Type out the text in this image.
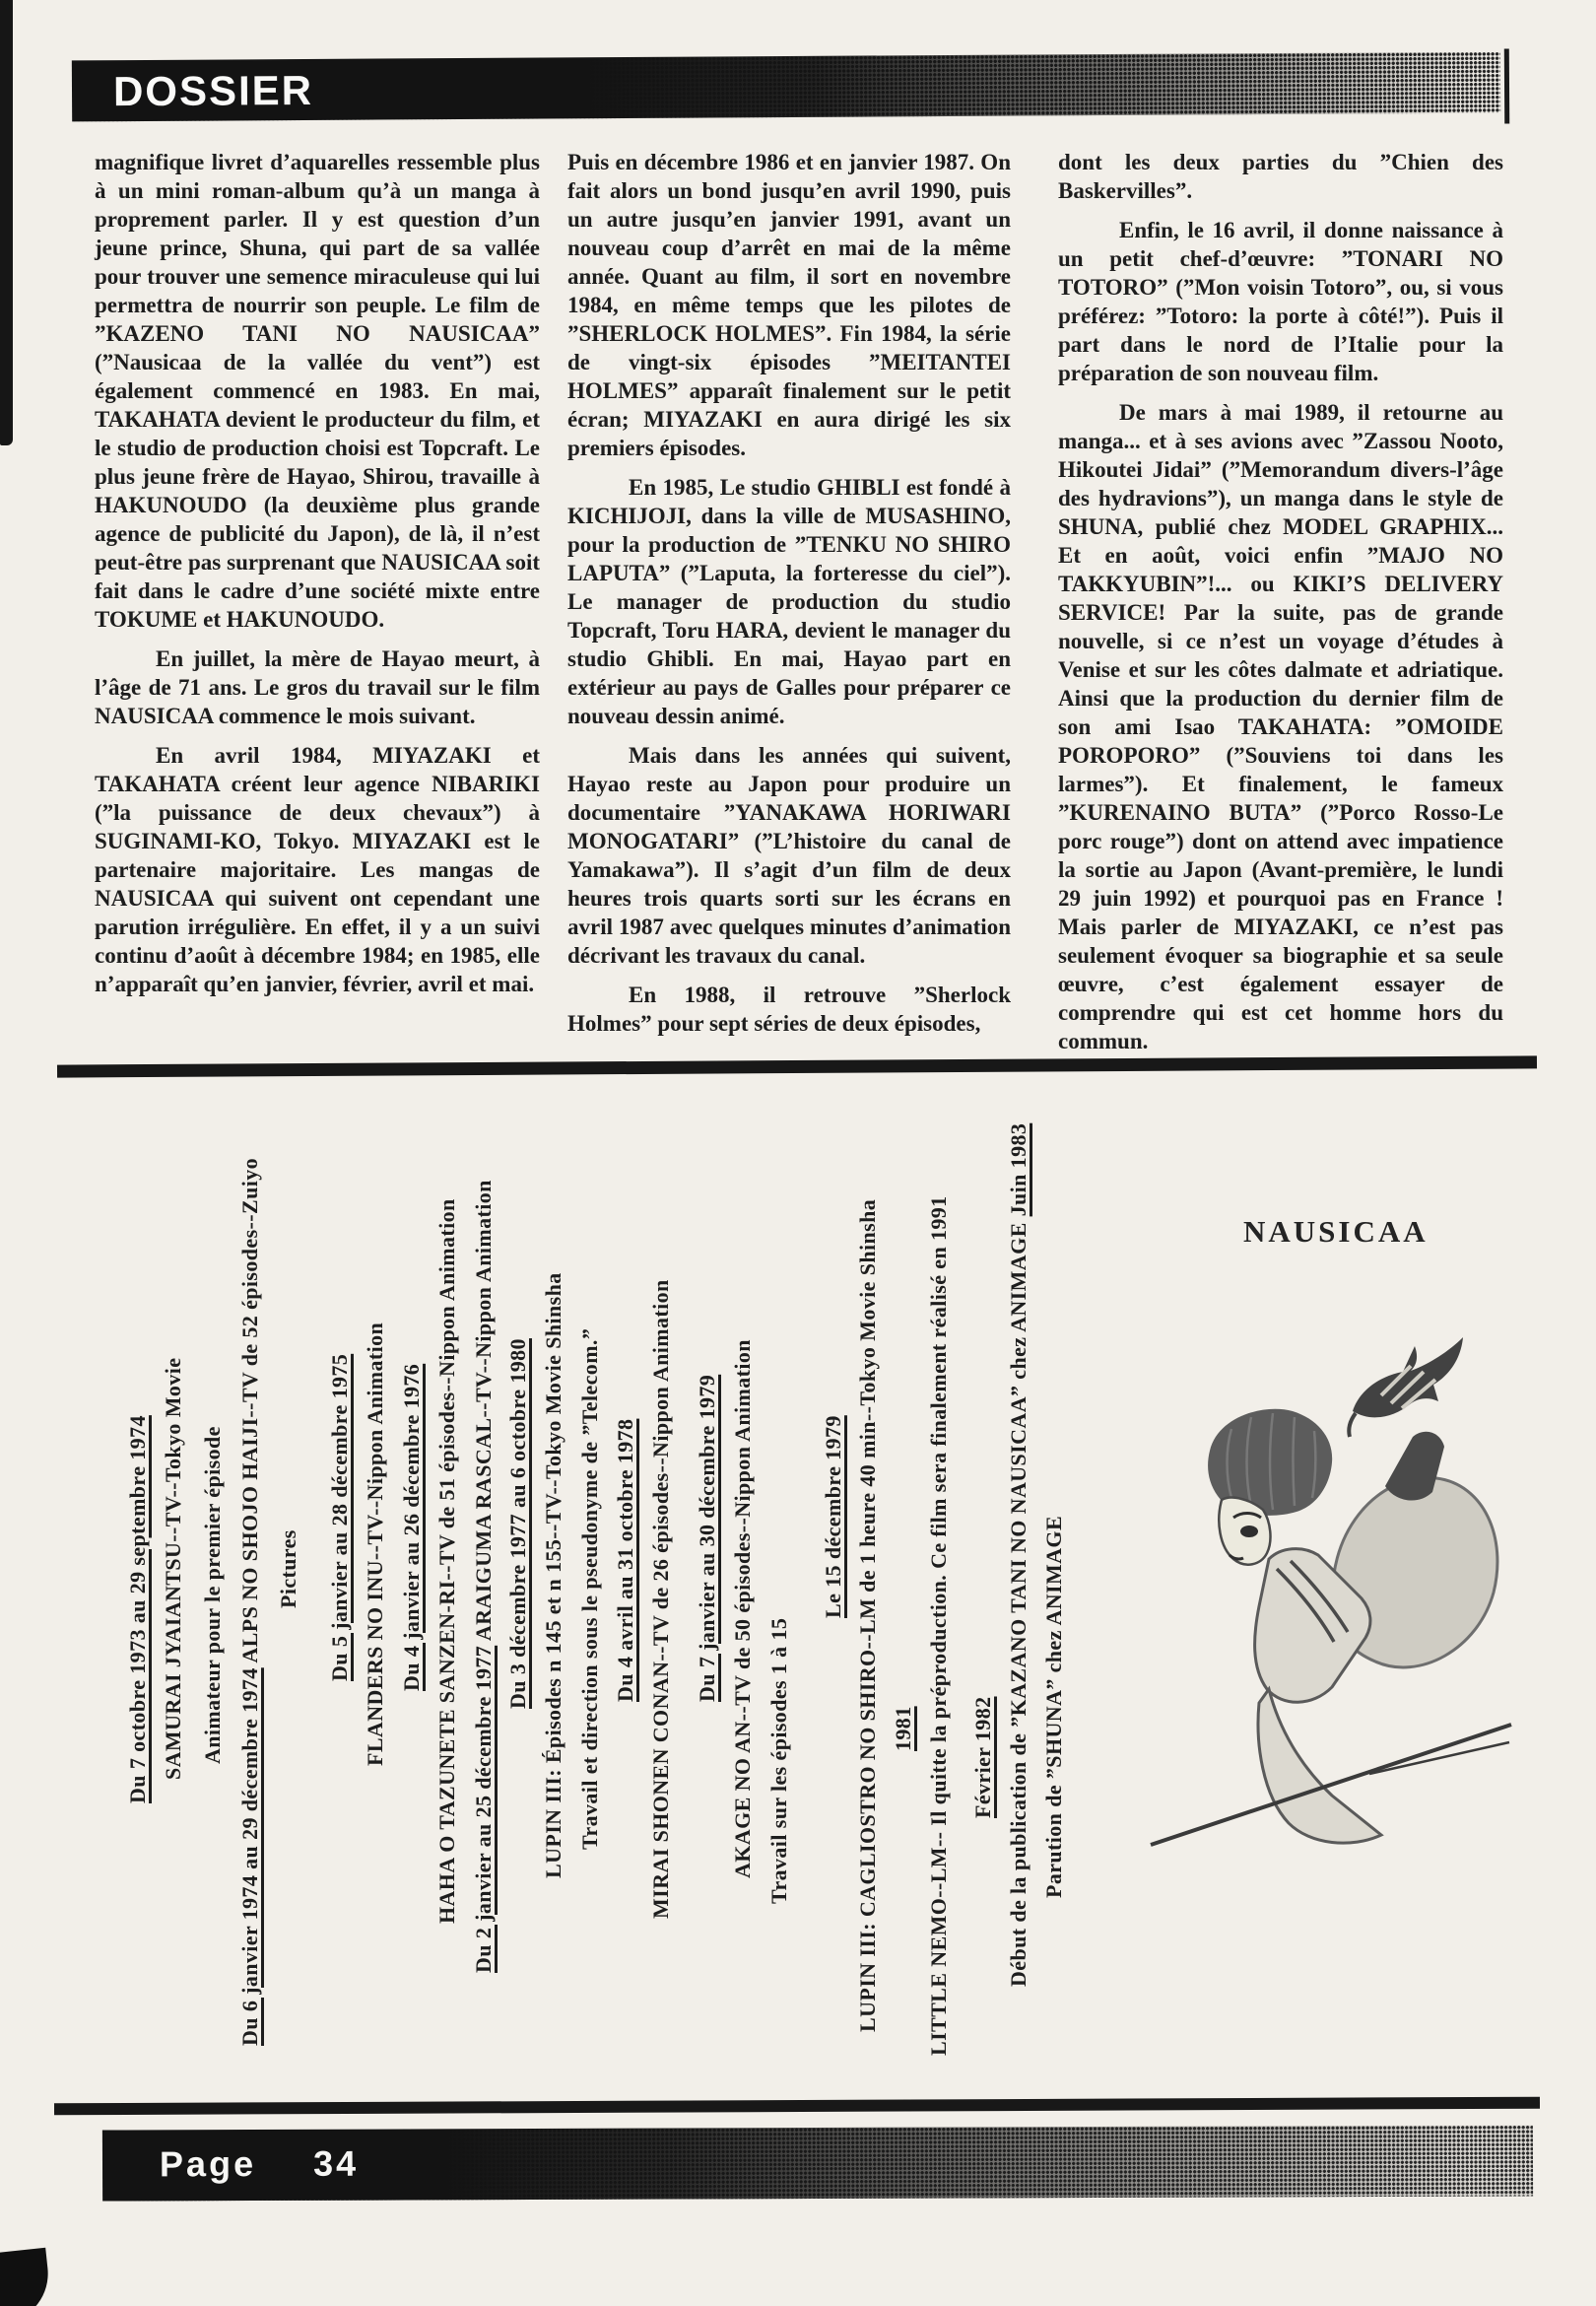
DOSSIER

magnifique livret d’aquarelles ressemble plus à un mini roman-album qu’à un manga à proprement parler. Il y est question d’un jeune prince, Shuna, qui part de sa vallée pour trouver une semence miraculeuse qui lui permettra de nourrir son peuple. Le film de ”KAZENO TANI NO NAUSICAA” (”Nausicaa de la vallée du vent”) est également commencé en 1983. En mai, TAKAHATA devient le producteur du film, et le studio de production choisi est Topcraft. Le plus jeune frère de Hayao, Shirou, travaille à HAKUNOUDO (la deuxième plus grande agence de publicité du Japon), de là, il n’est peut-être pas surprenant que NAUSICAA soit fait dans le cadre d’une société mixte entre TOKUME et HAKUNOUDO.

En juillet, la mère de Hayao meurt, à l’âge de 71 ans. Le gros du travail sur le film NAUSICAA commence le mois suivant.

En avril 1984, MIYAZAKI et TAKAHATA créent leur agence NIBARIKI (”la puissance de deux chevaux”) à SUGINAMI-KO, Tokyo. MIYAZAKI est le partenaire majoritaire. Les mangas de NAUSICAA qui suivent ont cependant une parution irrégulière. En effet, il y a un suivi continu d’août à décembre 1984; en 1985, elle n’apparaît qu’en janvier, février, avril et mai.

Puis en décembre 1986 et en janvier 1987. On fait alors un bond jusqu’en avril 1990, puis un autre jusqu’en janvier 1991, avant un nouveau coup d’arrêt en mai de la même année. Quant au film, il sort en novembre 1984, en même temps que les pilotes de ”SHERLOCK HOLMES”. Fin 1984, la série de vingt-six épisodes ”MEITANTEI HOLMES” apparaît finalement sur le petit écran; MIYAZAKI en aura dirigé les six premiers épisodes.

En 1985, Le studio GHIBLI est fondé à KICHIJOJI, dans la ville de MUSASHINO, pour la production de ”TENKU NO SHIRO LAPUTA” (”Laputa, la forteresse du ciel”). Le manager de production du studio Topcraft, Toru HARA, devient le manager du studio Ghibli. En mai, Hayao part en extérieur au pays de Galles pour préparer ce nouveau dessin animé.

Mais dans les années qui suivent, Hayao reste au Japon pour produire un documentaire ”YANAKAWA HORIWARI MONOGATARI” (”L’histoire du canal de Yamakawa”). Il s’agit d’un film de deux heures trois quarts sorti sur les écrans en avril 1987 avec quelques minutes d’animation décrivant les travaux du canal.

En 1988, il retrouve ”Sherlock Holmes” pour sept séries de deux épisodes,

dont les deux parties du ”Chien des Baskervilles”.

Enfin, le 16 avril, il donne naissance à un petit chef-d’œuvre: ”TONARI NO TOTORO” (”Mon voisin Totoro”, ou, si vous préférez: ”Totoro: la porte à côté!”). Puis il part dans le nord de l’Italie pour la préparation de son nouveau film.

De mars à mai 1989, il retourne au manga... et à ses avions avec ”Zassou Nooto, Hikoutei Jidai” (”Memorandum divers-l’âge des hydravions”), un manga dans le style de SHUNA, publié chez MODEL GRAPHIX... Et en août, voici enfin ”MAJO NO TAKKYUBIN”!... ou KIKI’S DELIVERY SERVICE! Par la suite, pas de grande nouvelle, si ce n’est un voyage d’études à Venise et sur les côtes dalmate et adriatique. Ainsi que la production du dernier film de son ami Isao TAKAHATA: ”OMOIDE POROPORO” (”Souviens toi dans les larmes”). Et finalement, le fameux ”KURENAINO BUTA” (”Porco Rosso-Le porc rouge”) dont on attend avec impatience la sortie au Japon (Avant-première, le lundi 29 juin 1992) et pourquoi pas en France ! Mais parler de MIYAZAKI, ce n’est pas seulement évoquer sa biographie et sa seule œuvre, c’est également essayer de comprendre qui est cet homme hors du commun.

Du 7 octobre 1973 au 29 septembre 1974 SAMURAI JYAIANTSU--TV--Tokyo Movie Animateur pour le premier épisode
Du 6 janvier 1974 au 29 décembre 1974 ALPS NO SHOJO HAIJI--TV de 52 épisodes--Zuiyo Pictures Du 5 janvier au 28 décembre 1975 FLANDERS NO INU--TV--Nippon Animation Du 4 janvier au 26 décembre 1976 HAHA O TAZUNETE SANZEN-RI--TV de 51 épisodes--Nippon Animation Du 2 janvier au 25 décembre 1977 ARAIGUMA RASCAL--TV--Nippon Animation Du 3 décembre 1977 au 6 octobre 1980 LUPIN III: Épisodes n 145 et n 155--TV--Tokyo Movie Shinsha Travail et direction sous le pseudonyme de ”Telecom.” Du 4 avril au 31 octobre 1978 MIRAI SHONEN CONAN--TV de 26 épisodes--Nippon Animation Du 7 janvier au 30 décembre 1979 AKAGE NO AN--TV de 50 épisodes--Nippon Animation Travail sur les épisodes 1 à 15
Le 15 décembre 1979 LUPIN III: CAGLIOSTRO NO SHIRO--LM de 1 heure 40 min--Tokyo Movie Shinsha 1981 LITTLE NEMO--LM-- Il quitte la préproduction. Ce film sera finalement réalisé en 1991 Février 1982 Début de la publication de ”KAZANO TANI NO NAUSICAA” chez ANIMAGE Juin 1983
Parution de ”SHUNA” chez ANIMAGE
NAUSICAA
Page 34
